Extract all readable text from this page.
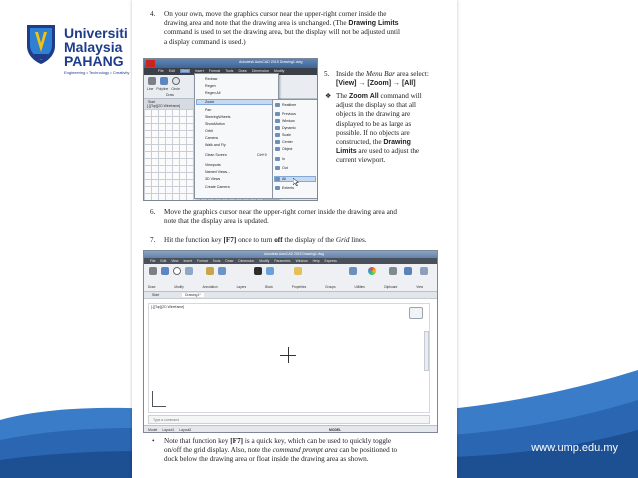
Universiti
Malaysia
PAHANG
Engineering • Technology • Creativity
www.ump.edu.my
4. On your own, move the graphics cursor near the upper-right corner inside the
drawing area and note that the drawing area is unchanged. (The Drawing Limits
command is used to set the drawing area, but the display will not be adjusted until
a display command is used.)
Autodesk AutoCAD 2015 Drawing1.dwg
File Edit View Insert Format Tools Draw Dimension Modify
Line Polyline Circle
Draw
Start
[-][Top][2D Wireframe]
Redraw
Regen
Regen All
Zoom
Pan
SteeringWheels
ShowMotion
Orbit
Camera
Walk and Fly
Clean Screen	Ctrl+0
Viewports
Named Views...
3D Views
Create Camera
Realtime
Previous
Window
Dynamic
Scale
Center
Object
In
Out
All
Extents
5. Inside the Menu Bar area select:
[View] → [Zoom] → [All]
❖ The Zoom All command will
adjust the display so that all
objects in the drawing are
displayed to be as large as
possible. If no objects are
constructed, the Drawing
Limits are used to adjust the
current viewport.
6. Move the graphics cursor near the upper-right corner inside the drawing area and
note that the display area is updated.
7. Hit the function key [F7] once to turn off the display of the Grid lines.
Autodesk AutoCAD 2015 Drawing1.dwg
File Edit View Insert Format Tools Draw Dimension Modify Parametric Window Help Express
Draw	Modify	Annotation	Layers	Block	Properties	Groups	Utilities	Clipboard	View
Start	Drawing1*
[-][Top][2D Wireframe]
Type a command
Model Layout1 Layout2	MODEL
• Note that function key [F7] is a quick key, which can be used to quickly toggle
on/off the grid display. Also, note the command prompt area can be positioned to
dock below the drawing area or float inside the drawing area as shown.
